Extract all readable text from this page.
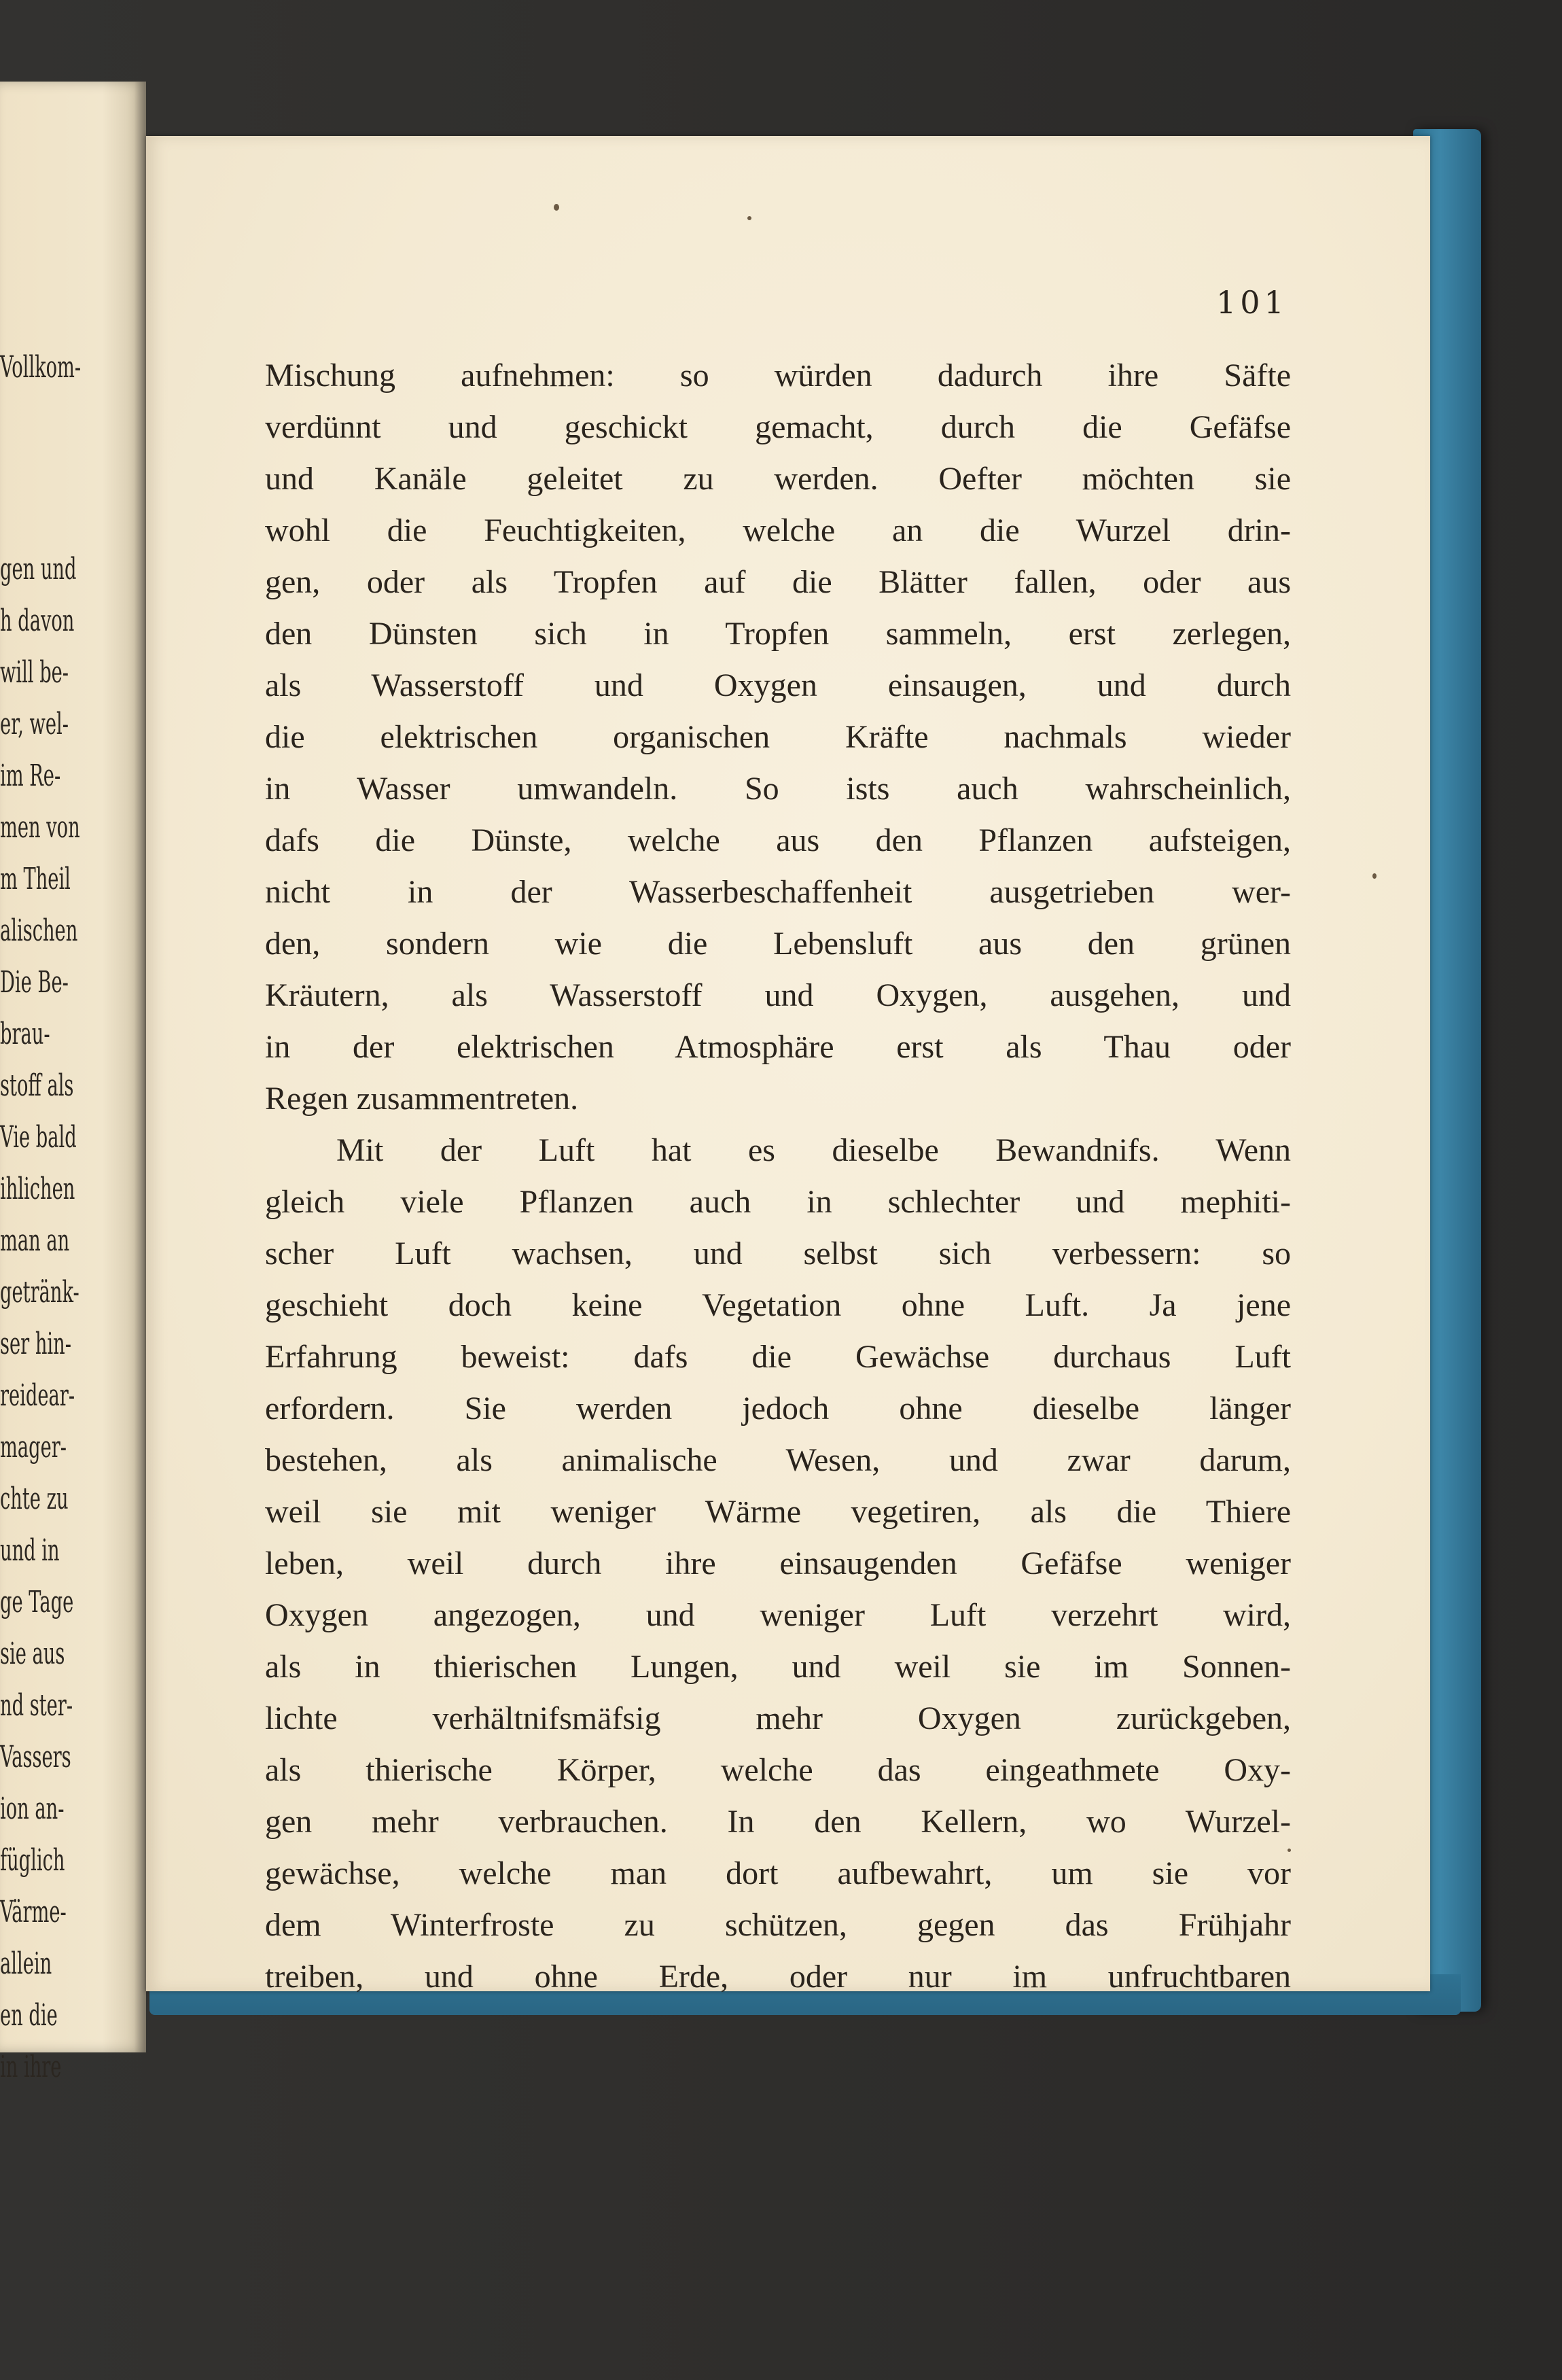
Vollkom-
gen und
h davon
will be-
er, wel-
im Re-
men von
m Theil
alischen
Die Be-
brau-
stoff als
Vie bald
ihlichen
man an
getränk-
ser hin-
reidear-
mager-
chte zu
und in
ge Tage
sie aus
nd ster-
Vassers
ion an-
füglich
Värme-
allein
en die
in ihre
101
Mischung aufnehmen: so würden dadurch ihre Säfte
verdünnt und geschickt gemacht, durch die Gefäfse
und Kanäle geleitet zu werden. Oefter möchten sie
wohl die Feuchtigkeiten, welche an die Wurzel drin-
gen, oder als Tropfen auf die Blätter fallen, oder aus
den Dünsten sich in Tropfen sammeln, erst zerlegen,
als Wasserstoff und Oxygen einsaugen, und durch
die elektrischen organischen Kräfte nachmals wieder
in Wasser umwandeln. So ists auch wahrscheinlich,
dafs die Dünste, welche aus den Pflanzen aufsteigen,
nicht in der Wasserbeschaffenheit ausgetrieben wer-
den, sondern wie die Lebensluft aus den grünen
Kräutern, als Wasserstoff und Oxygen, ausgehen, und
in der elektrischen Atmosphäre erst als Thau oder
Regen zusammentreten.
Mit der Luft hat es dieselbe Bewandnifs. Wenn
gleich viele Pflanzen auch in schlechter und mephiti-
scher Luft wachsen, und selbst sich verbessern: so
geschieht doch keine Vegetation ohne Luft. Ja jene
Erfahrung beweist: dafs die Gewächse durchaus Luft
erfordern. Sie werden jedoch ohne dieselbe länger
bestehen, als animalische Wesen, und zwar darum,
weil sie mit weniger Wärme vegetiren, als die Thiere
leben, weil durch ihre einsaugenden Gefäfse weniger
Oxygen angezogen, und weniger Luft verzehrt wird,
als in thierischen Lungen, und weil sie im Sonnen-
lichte verhältnifsmäfsig mehr Oxygen zurückgeben,
als thierische Körper, welche das eingeathmete Oxy-
gen mehr verbrauchen. In den Kellern, wo Wurzel-
gewächse, welche man dort aufbewahrt, um sie vor
dem Winterfroste zu schützen, gegen das Frühjahr
treiben, und ohne Erde, oder nur im unfruchtbaren
